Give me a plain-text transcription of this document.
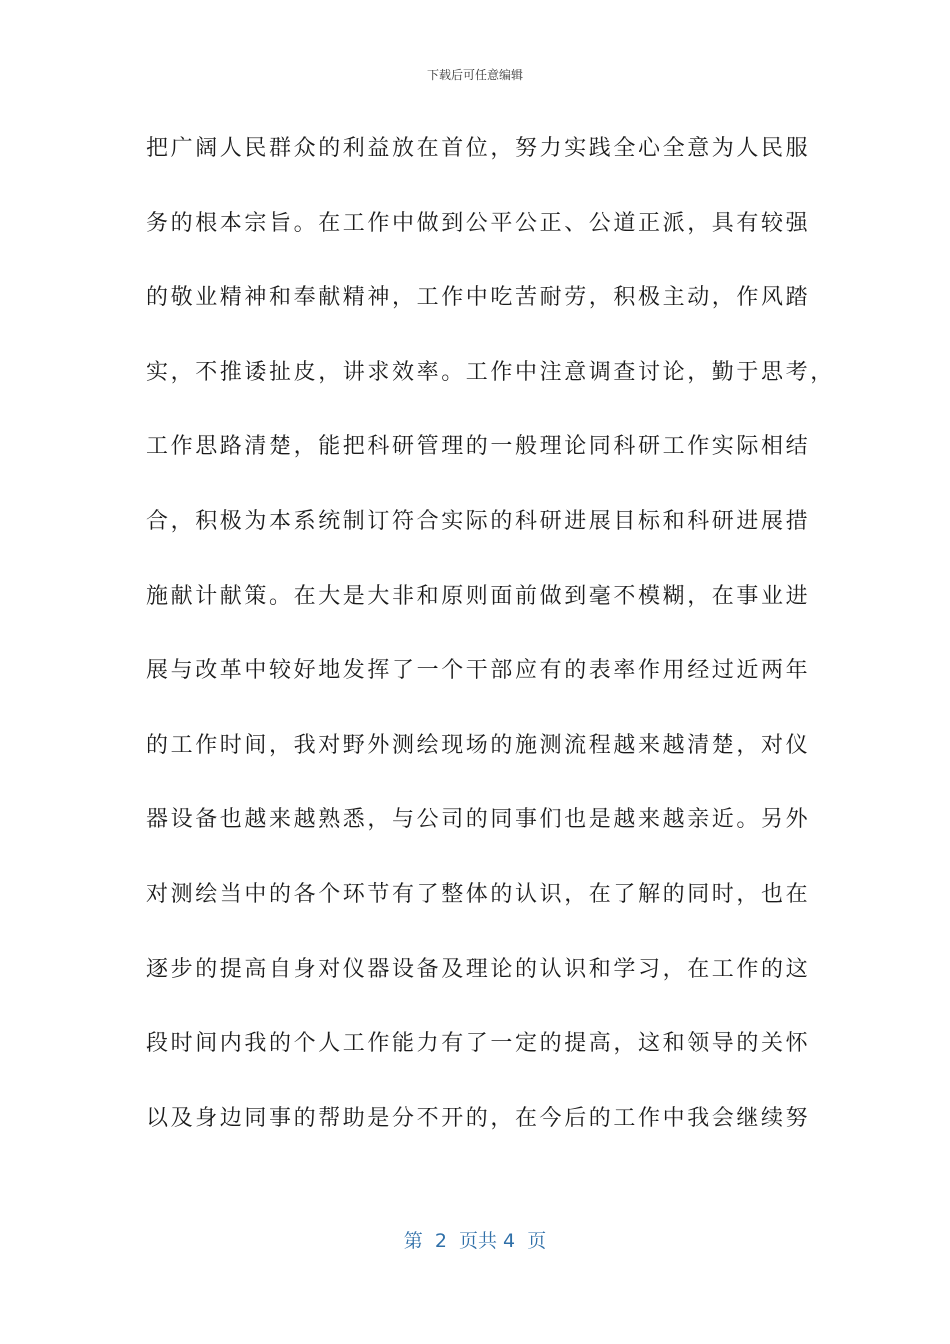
下载后可任意编辑
把广阔人民群众的利益放在首位，努力实践全心全意为人民服
务的根本宗旨。在工作中做到公平公正、公道正派，具有较强
的敬业精神和奉献精神，工作中吃苦耐劳，积极主动，作风踏
实，不推诿扯皮，讲求效率。工作中注意调查讨论，勤于思考，
工作思路清楚，能把科研管理的一般理论同科研工作实际相结
合，积极为本系统制订符合实际的科研进展目标和科研进展措
施献计献策。在大是大非和原则面前做到毫不模糊，在事业进
展与改革中较好地发挥了一个干部应有的表率作用经过近两年
的工作时间，我对野外测绘现场的施测流程越来越清楚，对仪
器设备也越来越熟悉，与公司的同事们也是越来越亲近。另外
对测绘当中的各个环节有了整体的认识，在了解的同时，也在
逐步的提高自身对仪器设备及理论的认识和学习，在工作的这
段时间内我的个人工作能力有了一定的提高，这和领导的关怀
以及身边同事的帮助是分不开的，在今后的工作中我会继续努
第  2  页共 4  页
